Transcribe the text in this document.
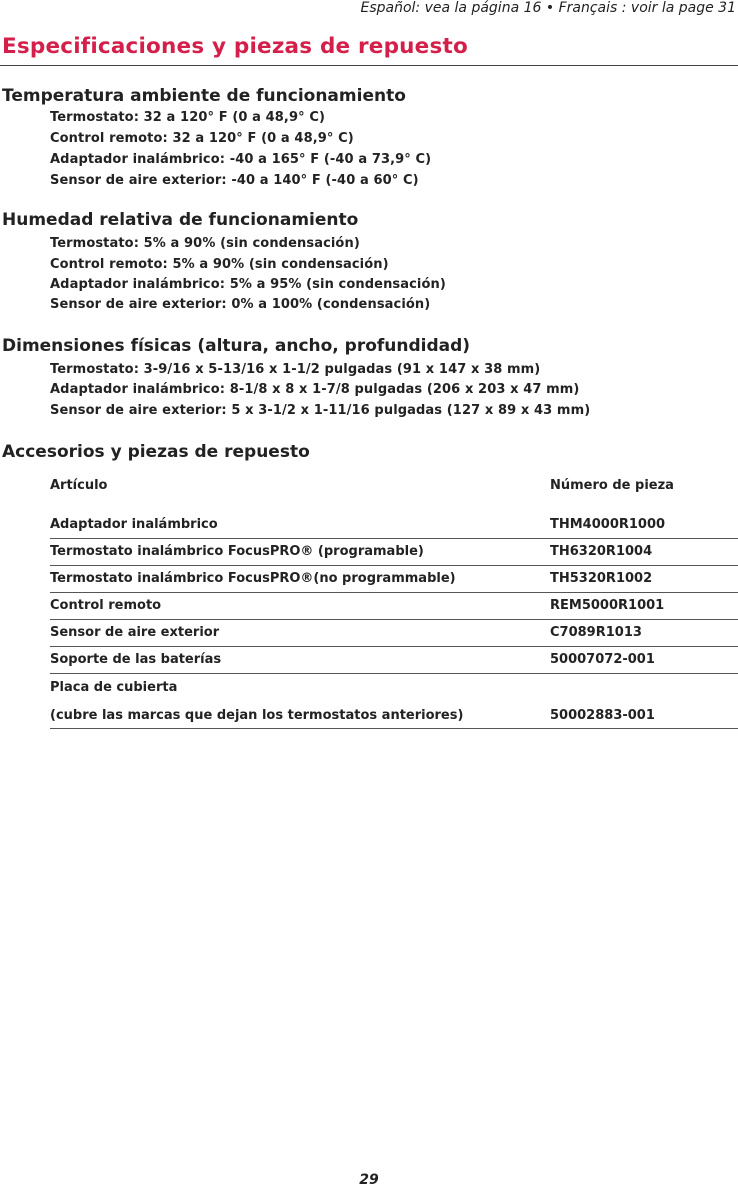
Español: vea la página 16 • Français : voir la page 31
Especificaciones y piezas de repuesto
Temperatura ambiente de funcionamiento
Termostato: 32 a 120° F (0 a 48,9° C)
Control remoto: 32 a 120° F (0 a 48,9° C)
Adaptador inalámbrico: -40 a 165° F (-40 a 73,9° C)
Sensor de aire exterior: -40 a 140° F (-40 a 60° C)
Humedad relativa de funcionamiento
Termostato: 5% a 90% (sin condensación)
Control remoto: 5% a 90% (sin condensación)
Adaptador inalámbrico: 5% a 95% (sin condensación)
Sensor de aire exterior: 0% a 100% (condensación)
Dimensiones físicas (altura, ancho, profundidad)
Termostato: 3-9/16 x 5-13/16 x 1-1/2 pulgadas (91 x 147 x 38 mm)
Adaptador inalámbrico: 8-1/8 x 8 x 1-7/8 pulgadas (206 x 203 x 47 mm)
Sensor de aire exterior: 5 x 3-1/2 x 1-11/16 pulgadas (127 x 89 x 43 mm)
Accesorios y piezas de repuesto
Artículo	Número de pieza
Adaptador inalámbrico	THM4000R1000
Termostato inalámbrico FocusPRO® (programable)	TH6320R1004
Termostato inalámbrico FocusPRO®(no programmable)	TH5320R1002
Control remoto	REM5000R1001
Sensor de aire exterior	C7089R1013
Soporte de las baterías	50007072-001
Placa de cubierta
(cubre las marcas que dejan los termostatos anteriores)	50002883-001
29
